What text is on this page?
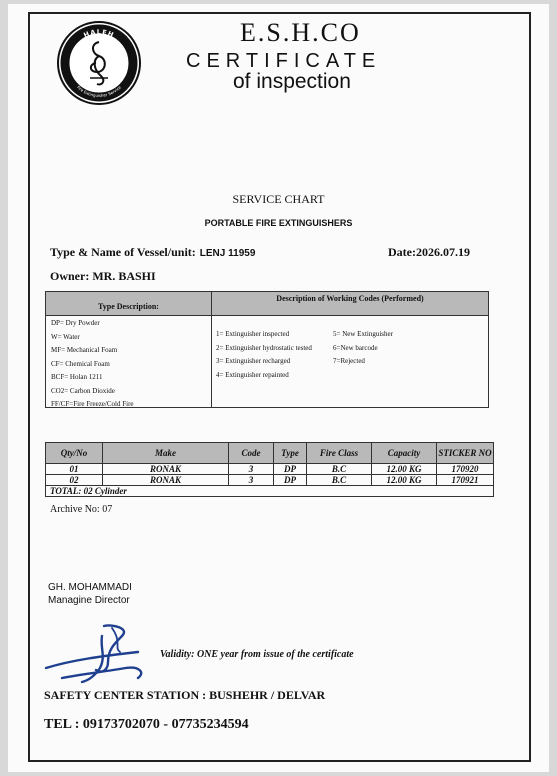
HALEH
Fire Extinguisher Service
E.S.H.CO
CERTIFICATE
of inspection
SERVICE CHART
PORTABLE FIRE EXTINGUISHERS
Type & Name of Vessel/unit: LENJ 11959	Date:2026.07.19
Owner: MR. BASHI
Type Description:
Description of Working Codes (Performed)
DP= Dry Powder
W= Water
MF= Mechanical Foam
CF= Chemical Foam
BCF= Holan 1211
CO2= Carbon Dioxide
FF/CF=Fire Freeze/Cold Fire
1= Extinguisher inspected
2= Extinguisher hydrostatic tested
3= Extinguisher recharged
4= Extinguisher repainted
5= New Extinguisher
6=New barcode
7=Rejected
Qty/No	Make	Code	Type	Fire Class	Capacity	STICKER NO
01	RONAK	3	DP	B.C	12.00 KG	170920
02	RONAK	3	DP	B.C	12.00 KG	170921
TOTAL: 02 Cylinder						
Archive No: 07
GH. MOHAMMADI
Managine Director
Validity: ONE year from issue of the certificate
SAFETY CENTER STATION : BUSHEHR / DELVAR
TEL : 09173702070 - 07735234594
